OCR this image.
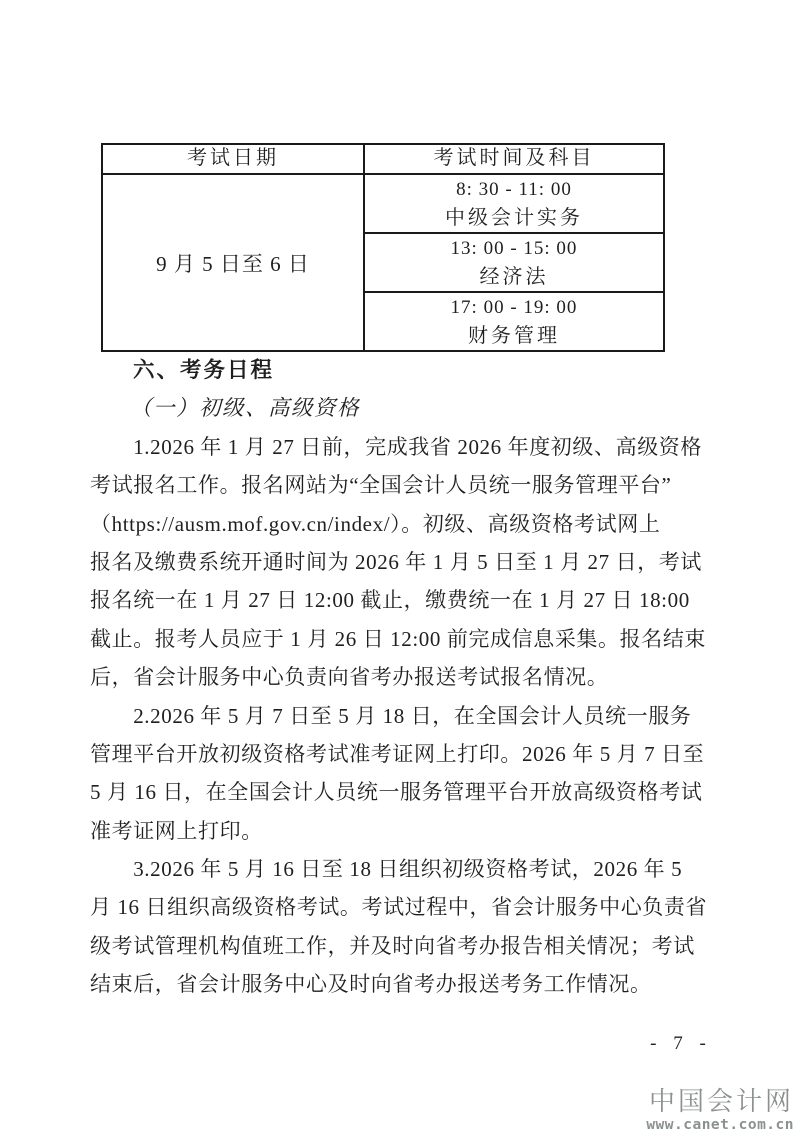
考试日期	考试时间及科目
9 月 5 日至 6 日
8: 30 - 11: 00
中级会计实务
13: 00 - 15: 00
经济法
17: 00 - 19: 00
财务管理
六、考务日程
（一）初级、高级资格
　　1.2026 年 1 月 27 日前，完成我省 2026 年度初级、高级资格
考试报名工作。报名网站为“全国会计人员统一服务管理平台”
（https://ausm.mof.gov.cn/index/）。初级、高级资格考试网上
报名及缴费系统开通时间为 2026 年 1 月 5 日至 1 月 27 日，考试
报名统一在 1 月 27 日 12:00 截止，缴费统一在 1 月 27 日 18:00
截止。报考人员应于 1 月 26 日 12:00 前完成信息采集。报名结束
后，省会计服务中心负责向省考办报送考试报名情况。
　　2.2026 年 5 月 7 日至 5 月 18 日，在全国会计人员统一服务
管理平台开放初级资格考试准考证网上打印。2026 年 5 月 7 日至
5 月 16 日，在全国会计人员统一服务管理平台开放高级资格考试
准考证网上打印。
　　3.2026 年 5 月 16 日至 18 日组织初级资格考试，2026 年 5
月 16 日组织高级资格考试。考试过程中，省会计服务中心负责省
级考试管理机构值班工作，并及时向省考办报告相关情况；考试
结束后，省会计服务中心及时向省考办报送考务工作情况。
- 7 -
中国会计网
www.canet.com.cn
